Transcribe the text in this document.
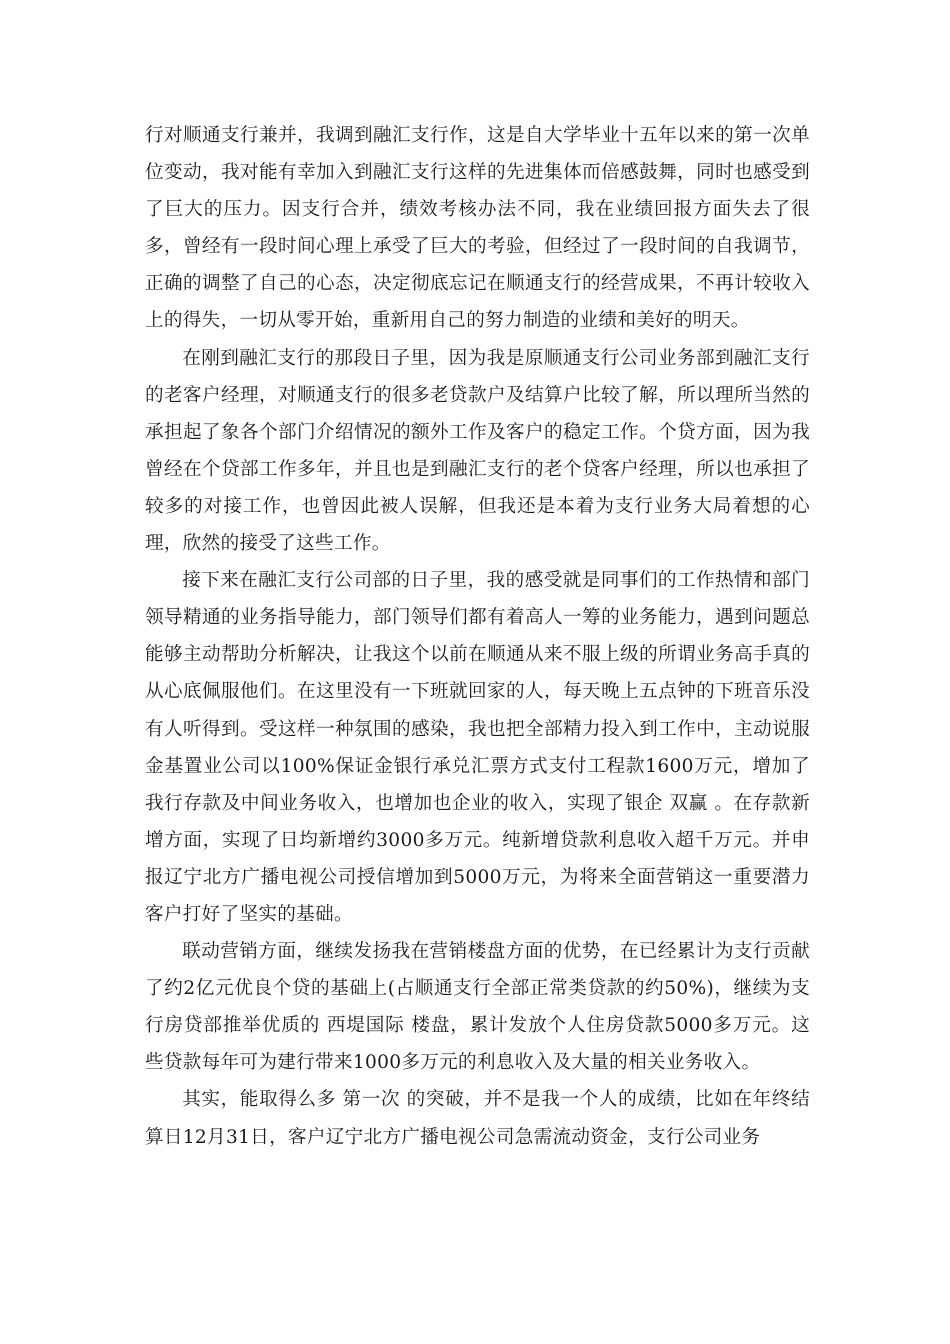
行对顺通支行兼并，我调到融汇支行作，这是自大学毕业十五年以来的第一次单位变动，我对能有幸加入到融汇支行这样的先进集体而倍感鼓舞，同时也感受到了巨大的压力。因支行合并，绩效考核办法不同，我在业绩回报方面失去了很多，曾经有一段时间心理上承受了巨大的考验，但经过了一段时间的自我调节，正确的调整了自己的心态，决定彻底忘记在顺通支行的经营成果，不再计较收入上的得失，一切从零开始，重新用自己的努力制造的业绩和美好的明天。

在刚到融汇支行的那段日子里，因为我是原顺通支行公司业务部到融汇支行的老客户经理，对顺通支行的很多老贷款户及结算户比较了解，所以理所当然的承担起了象各个部门介绍情况的额外工作及客户的稳定工作。个贷方面，因为我曾经在个贷部工作多年，并且也是到融汇支行的老个贷客户经理，所以也承担了较多的对接工作，也曾因此被人误解，但我还是本着为支行业务大局着想的心理，欣然的接受了这些工作。

接下来在融汇支行公司部的日子里，我的感受就是同事们的工作热情和部门领导精通的业务指导能力，部门领导们都有着高人一筹的业务能力，遇到问题总能够主动帮助分析解决，让我这个以前在顺通从来不服上级的所谓业务高手真的从心底佩服他们。在这里没有一下班就回家的人，每天晚上五点钟的下班音乐没有人听得到。受这样一种氛围的感染，我也把全部精力投入到工作中，主动说服金基置业公司以100%保证金银行承兑汇票方式支付工程款1600万元，增加了我行存款及中间业务收入，也增加也企业的收入，实现了银企 双赢 。在存款新增方面，实现了日均新增约3000多万元。纯新增贷款利息收入超千万元。并申报辽宁北方广播电视公司授信增加到5000万元，为将来全面营销这一重要潜力客户打好了坚实的基础。

联动营销方面，继续发扬我在营销楼盘方面的优势，在已经累计为支行贡献了约2亿元优良个贷的基础上(占顺通支行全部正常类贷款的约50%)，继续为支行房贷部推举优质的 西堤国际 楼盘，累计发放个人住房贷款5000多万元。这些贷款每年可为建行带来1000多万元的利息收入及大量的相关业务收入。

其实，能取得么多 第一次 的突破，并不是我一个人的成绩，比如在年终结算日12月31日，客户辽宁北方广播电视公司急需流动资金，支行公司业务
